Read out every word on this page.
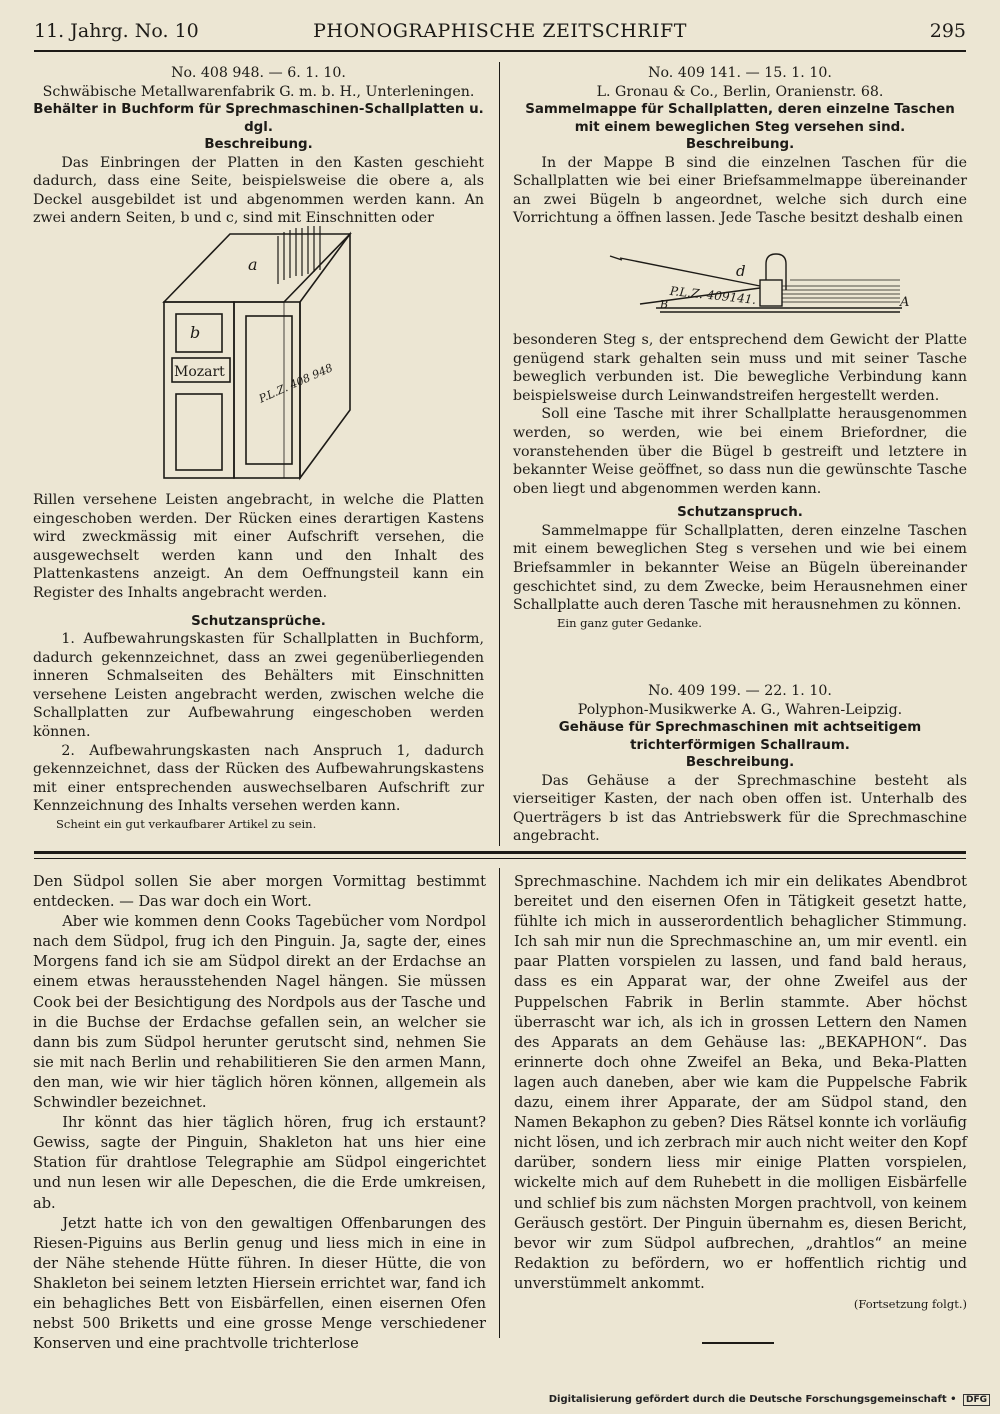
11. Jahrg. No. 10	PHONOGRAPHISCHE ZEITSCHRIFT	295

No. 408 948. — 6. 1. 10.

Schwäbische Metallwarenfabrik G. m. b. H., Unterleningen.

Behälter in Buchform für Sprechmaschinen-Schallplatten u. dgl.

Beschreibung.

Das Einbringen der Platten in den Kasten geschieht dadurch, dass eine Seite, beispielsweise die obere a, als Deckel ausgebildet ist und abgenommen werden kann. An zwei andern Seiten, b und c, sind mit Einschnitten oder

a
b
Mozart	P.L.Z. 408 948

Rillen versehene Leisten angebracht, in welche die Platten eingeschoben werden. Der Rücken eines derartigen Kastens wird zweckmässig mit einer Aufschrift versehen, die ausgewechselt werden kann und den Inhalt des Plattenkastens anzeigt. An dem Oeffnungsteil kann ein Register des Inhalts angebracht werden.

Schutzansprüche.

1. Aufbewahrungskasten für Schallplatten in Buchform, dadurch gekennzeichnet, dass an zwei gegenüberliegenden inneren Schmalseiten des Behälters mit Einschnitten versehene Leisten angebracht werden, zwischen welche die Schallplatten zur Aufbewahrung eingeschoben werden können.

2. Aufbewahrungskasten nach Anspruch 1, dadurch gekennzeichnet, dass der Rücken des Aufbewahrungskastens mit einer entsprechenden auswechselbaren Aufschrift zur Kennzeichnung des Inhalts versehen werden kann.

Scheint ein gut verkaufbarer Artikel zu sein.

No. 409 141. — 15. 1. 10.

L. Gronau & Co., Berlin, Oranienstr. 68.

Sammelmappe für Schallplatten, deren einzelne Taschen mit einem beweglichen Steg versehen sind.

Beschreibung.

In der Mappe B sind die einzelnen Taschen für die Schallplatten wie bei einer Briefsammelmappe übereinander an zwei Bügeln b angeordnet, welche sich durch eine Vorrichtung a öffnen lassen. Jede Tasche besitzt deshalb einen

d
B	A
P.L.Z. 409141.

besonderen Steg s, der entsprechend dem Gewicht der Platte genügend stark gehalten sein muss und mit seiner Tasche beweglich verbunden ist. Die bewegliche Verbindung kann beispielsweise durch Leinwandstreifen hergestellt werden.

Soll eine Tasche mit ihrer Schallplatte herausgenommen werden, so werden, wie bei einem Briefordner, die voranstehenden über die Bügel b gestreift und letztere in bekannter Weise geöffnet, so dass nun die gewünschte Tasche oben liegt und abgenommen werden kann.

Schutzanspruch.

Sammelmappe für Schallplatten, deren einzelne Taschen mit einem beweglichen Steg s versehen und wie bei einem Briefsammler in bekannter Weise an Bügeln übereinander geschichtet sind, zu dem Zwecke, beim Herausnehmen einer Schallplatte auch deren Tasche mit herausnehmen zu können.

Ein ganz guter Gedanke.

No. 409 199. — 22. 1. 10.

Polyphon-Musikwerke A. G., Wahren-Leipzig.

Gehäuse für Sprechmaschinen mit achtseitigem trichterförmigen Schallraum.

Beschreibung.

Das Gehäuse a der Sprechmaschine besteht als vierseitiger Kasten, der nach oben offen ist. Unterhalb des Querträgers b ist das Antriebswerk für die Sprechmaschine angebracht.

Den Südpol sollen Sie aber morgen Vormittag bestimmt entdecken. — Das war doch ein Wort.

Aber wie kommen denn Cooks Tagebücher vom Nordpol nach dem Südpol, frug ich den Pinguin. Ja, sagte der, eines Morgens fand ich sie am Südpol direkt an der Erdachse an einem etwas herausstehenden Nagel hängen. Sie müssen Cook bei der Besichtigung des Nordpols aus der Tasche und in die Buchse der Erdachse gefallen sein, an welcher sie dann bis zum Südpol herunter gerutscht sind, nehmen Sie sie mit nach Berlin und rehabilitieren Sie den armen Mann, den man, wie wir hier täglich hören können, allgemein als Schwindler bezeichnet.

Ihr könnt das hier täglich hören, frug ich erstaunt? Gewiss, sagte der Pinguin, Shakleton hat uns hier eine Station für drahtlose Telegraphie am Südpol eingerichtet und nun lesen wir alle Depeschen, die die Erde umkreisen, ab.

Jetzt hatte ich von den gewaltigen Offenbarungen des Riesen-Piguins aus Berlin genug und liess mich in eine in der Nähe stehende Hütte führen. In dieser Hütte, die von Shakleton bei seinem letzten Hiersein errichtet war, fand ich ein behagliches Bett von Eisbärfellen, einen eisernen Ofen nebst 500 Briketts und eine grosse Menge verschiedener Konserven und eine prachtvolle trichterlose

Sprechmaschine. Nachdem ich mir ein delikates Abendbrot bereitet und den eisernen Ofen in Tätigkeit gesetzt hatte, fühlte ich mich in ausserordentlich behaglicher Stimmung. Ich sah mir nun die Sprechmaschine an, um mir eventl. ein paar Platten vorspielen zu lassen, und fand bald heraus, dass es ein Apparat war, der ohne Zweifel aus der Puppelschen Fabrik in Berlin stammte. Aber höchst überrascht war ich, als ich in grossen Lettern den Namen des Apparats an dem Gehäuse las: „BEKAPHON“. Das erinnerte doch ohne Zweifel an Beka, und Beka-Platten lagen auch daneben, aber wie kam die Puppelsche Fabrik dazu, einem ihrer Apparate, der am Südpol stand, den Namen Bekaphon zu geben? Dies Rätsel konnte ich vorläufig nicht lösen, und ich zerbrach mir auch nicht weiter den Kopf darüber, sondern liess mir einige Platten vorspielen, wickelte mich auf dem Ruhebett in die molligen Eisbärfelle und schlief bis zum nächsten Morgen prachtvoll, von keinem Geräusch gestört. Der Pinguin übernahm es, diesen Bericht, bevor wir zum Südpol aufbrechen, „drahtlos“ an meine Redaktion zu befördern, wo er hoffentlich richtig und unverstümmelt ankommt.

(Fortsetzung folgt.)

Digitalisierung gefördert durch die Deutsche Forschungsgemeinschaft • DFG
